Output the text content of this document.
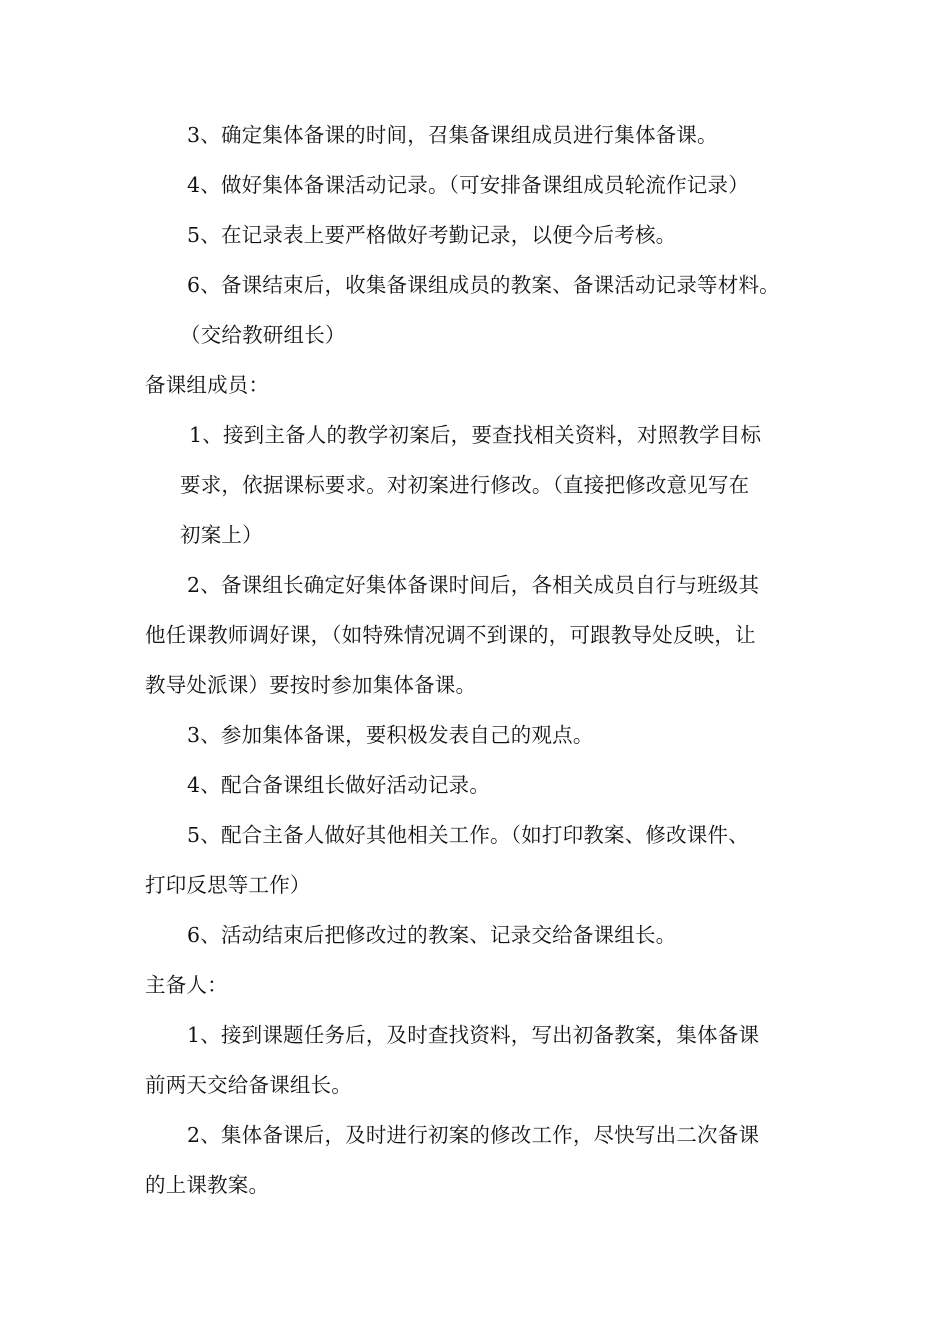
3、确定集体备课的时间，召集备课组成员进行集体备课。

4、做好集体备课活动记录。（可安排备课组成员轮流作记录）

5、在记录表上要严格做好考勤记录，以便今后考核。

6、备课结束后，收集备课组成员的教案、备课活动记录等材料。

（交给教研组长）

备课组成员：

1、接到主备人的教学初案后，要查找相关资料，对照教学目标

要求，依据课标要求。对初案进行修改。（直接把修改意见写在

初案上）

2、备课组长确定好集体备课时间后，各相关成员自行与班级其

他任课教师调好课，（如特殊情况调不到课的，可跟教导处反映，让

教导处派课）要按时参加集体备课。

3、参加集体备课，要积极发表自己的观点。

4、配合备课组长做好活动记录。

5、配合主备人做好其他相关工作。（如打印教案、修改课件、

打印反思等工作）

6、活动结束后把修改过的教案、记录交给备课组长。

主备人：

1、接到课题任务后，及时查找资料，写出初备教案，集体备课

前两天交给备课组长。

2、集体备课后，及时进行初案的修改工作，尽快写出二次备课

的上课教案。
